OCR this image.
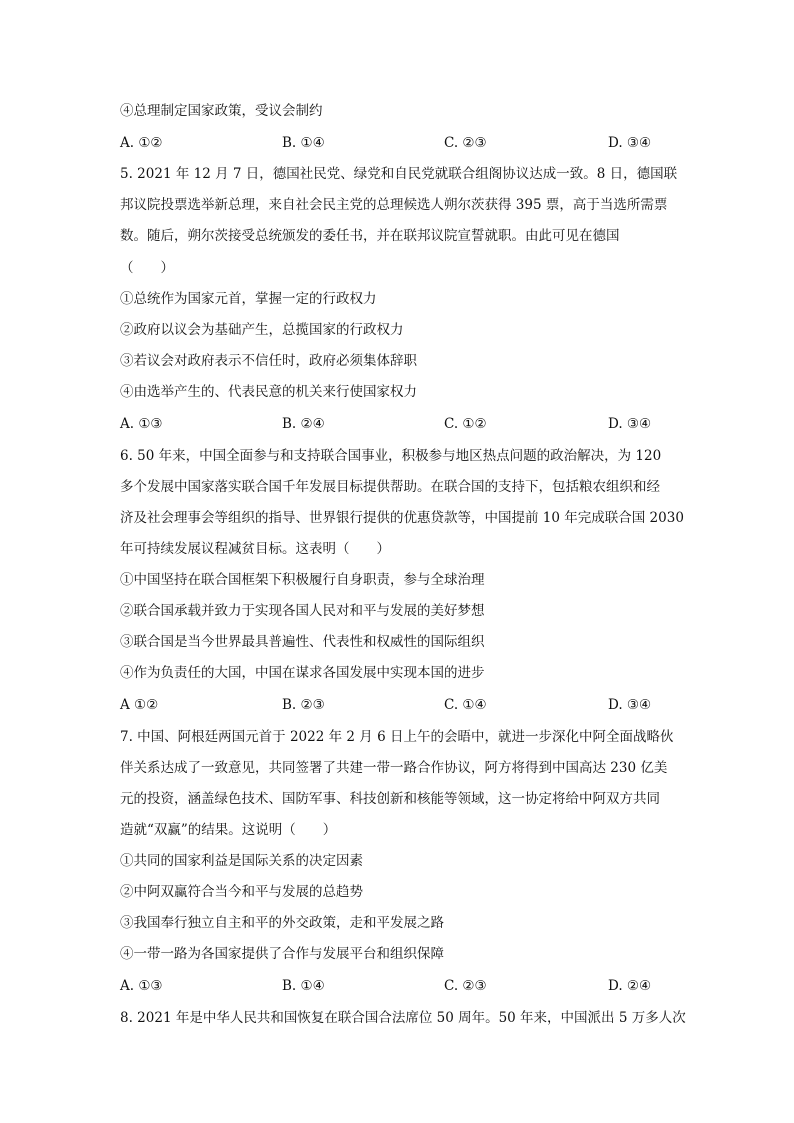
④总理制定国家政策，受议会制约
A. ①②	B. ①④	C. ②③	D. ③④
5. 2021 年 12 月 7 日，德国社民党、绿党和自民党就联合组阁协议达成一致。8 日，德国联
邦议院投票选举新总理，来自社会民主党的总理候选人朔尔茨获得 395 票，高于当选所需票
数。随后，朔尔茨接受总统颁发的委任书，并在联邦议院宣誓就职。由此可见在德国
（　　）
①总统作为国家元首，掌握一定的行政权力
②政府以议会为基础产生，总揽国家的行政权力
③若议会对政府表示不信任时，政府必须集体辞职
④由选举产生的、代表民意的机关来行使国家权力
A. ①③	B. ②④	C. ①②	D. ③④
6. 50 年来，中国全面参与和支持联合国事业，积极参与地区热点问题的政治解决，为 120
多个发展中国家落实联合国千年发展目标提供帮助。在联合国的支持下，包括粮农组织和经
济及社会理事会等组织的指导、世界银行提供的优惠贷款等，中国提前 10 年完成联合国 2030
年可持续发展议程减贫目标。这表明（　　）
①中国坚持在联合国框架下积极履行自身职责，参与全球治理
②联合国承载并致力于实现各国人民对和平与发展的美好梦想
③联合国是当今世界最具普遍性、代表性和权威性的国际组织
④作为负责任的大国，中国在谋求各国发展中实现本国的进步
A ①②	B. ②③	C. ①④	D. ③④
7. 中国、阿根廷两国元首于 2022 年 2 月 6 日上午的会晤中，就进一步深化中阿全面战略伙
伴关系达成了一致意见，共同签署了共建一带一路合作协议，阿方将得到中国高达 230 亿美
元的投资，涵盖绿色技术、国防军事、科技创新和核能等领域，这一协定将给中阿双方共同
造就“双赢”的结果。这说明（　　）
①共同的国家利益是国际关系的决定因素
②中阿双赢符合当今和平与发展的总趋势
③我国奉行独立自主和平的外交政策，走和平发展之路
④一带一路为各国家提供了合作与发展平台和组织保障
A. ①③	B. ①④	C. ②③	D. ②④
8. 2021 年是中华人民共和国恢复在联合国合法席位 50 周年。50 年来，中国派出 5 万多人次
